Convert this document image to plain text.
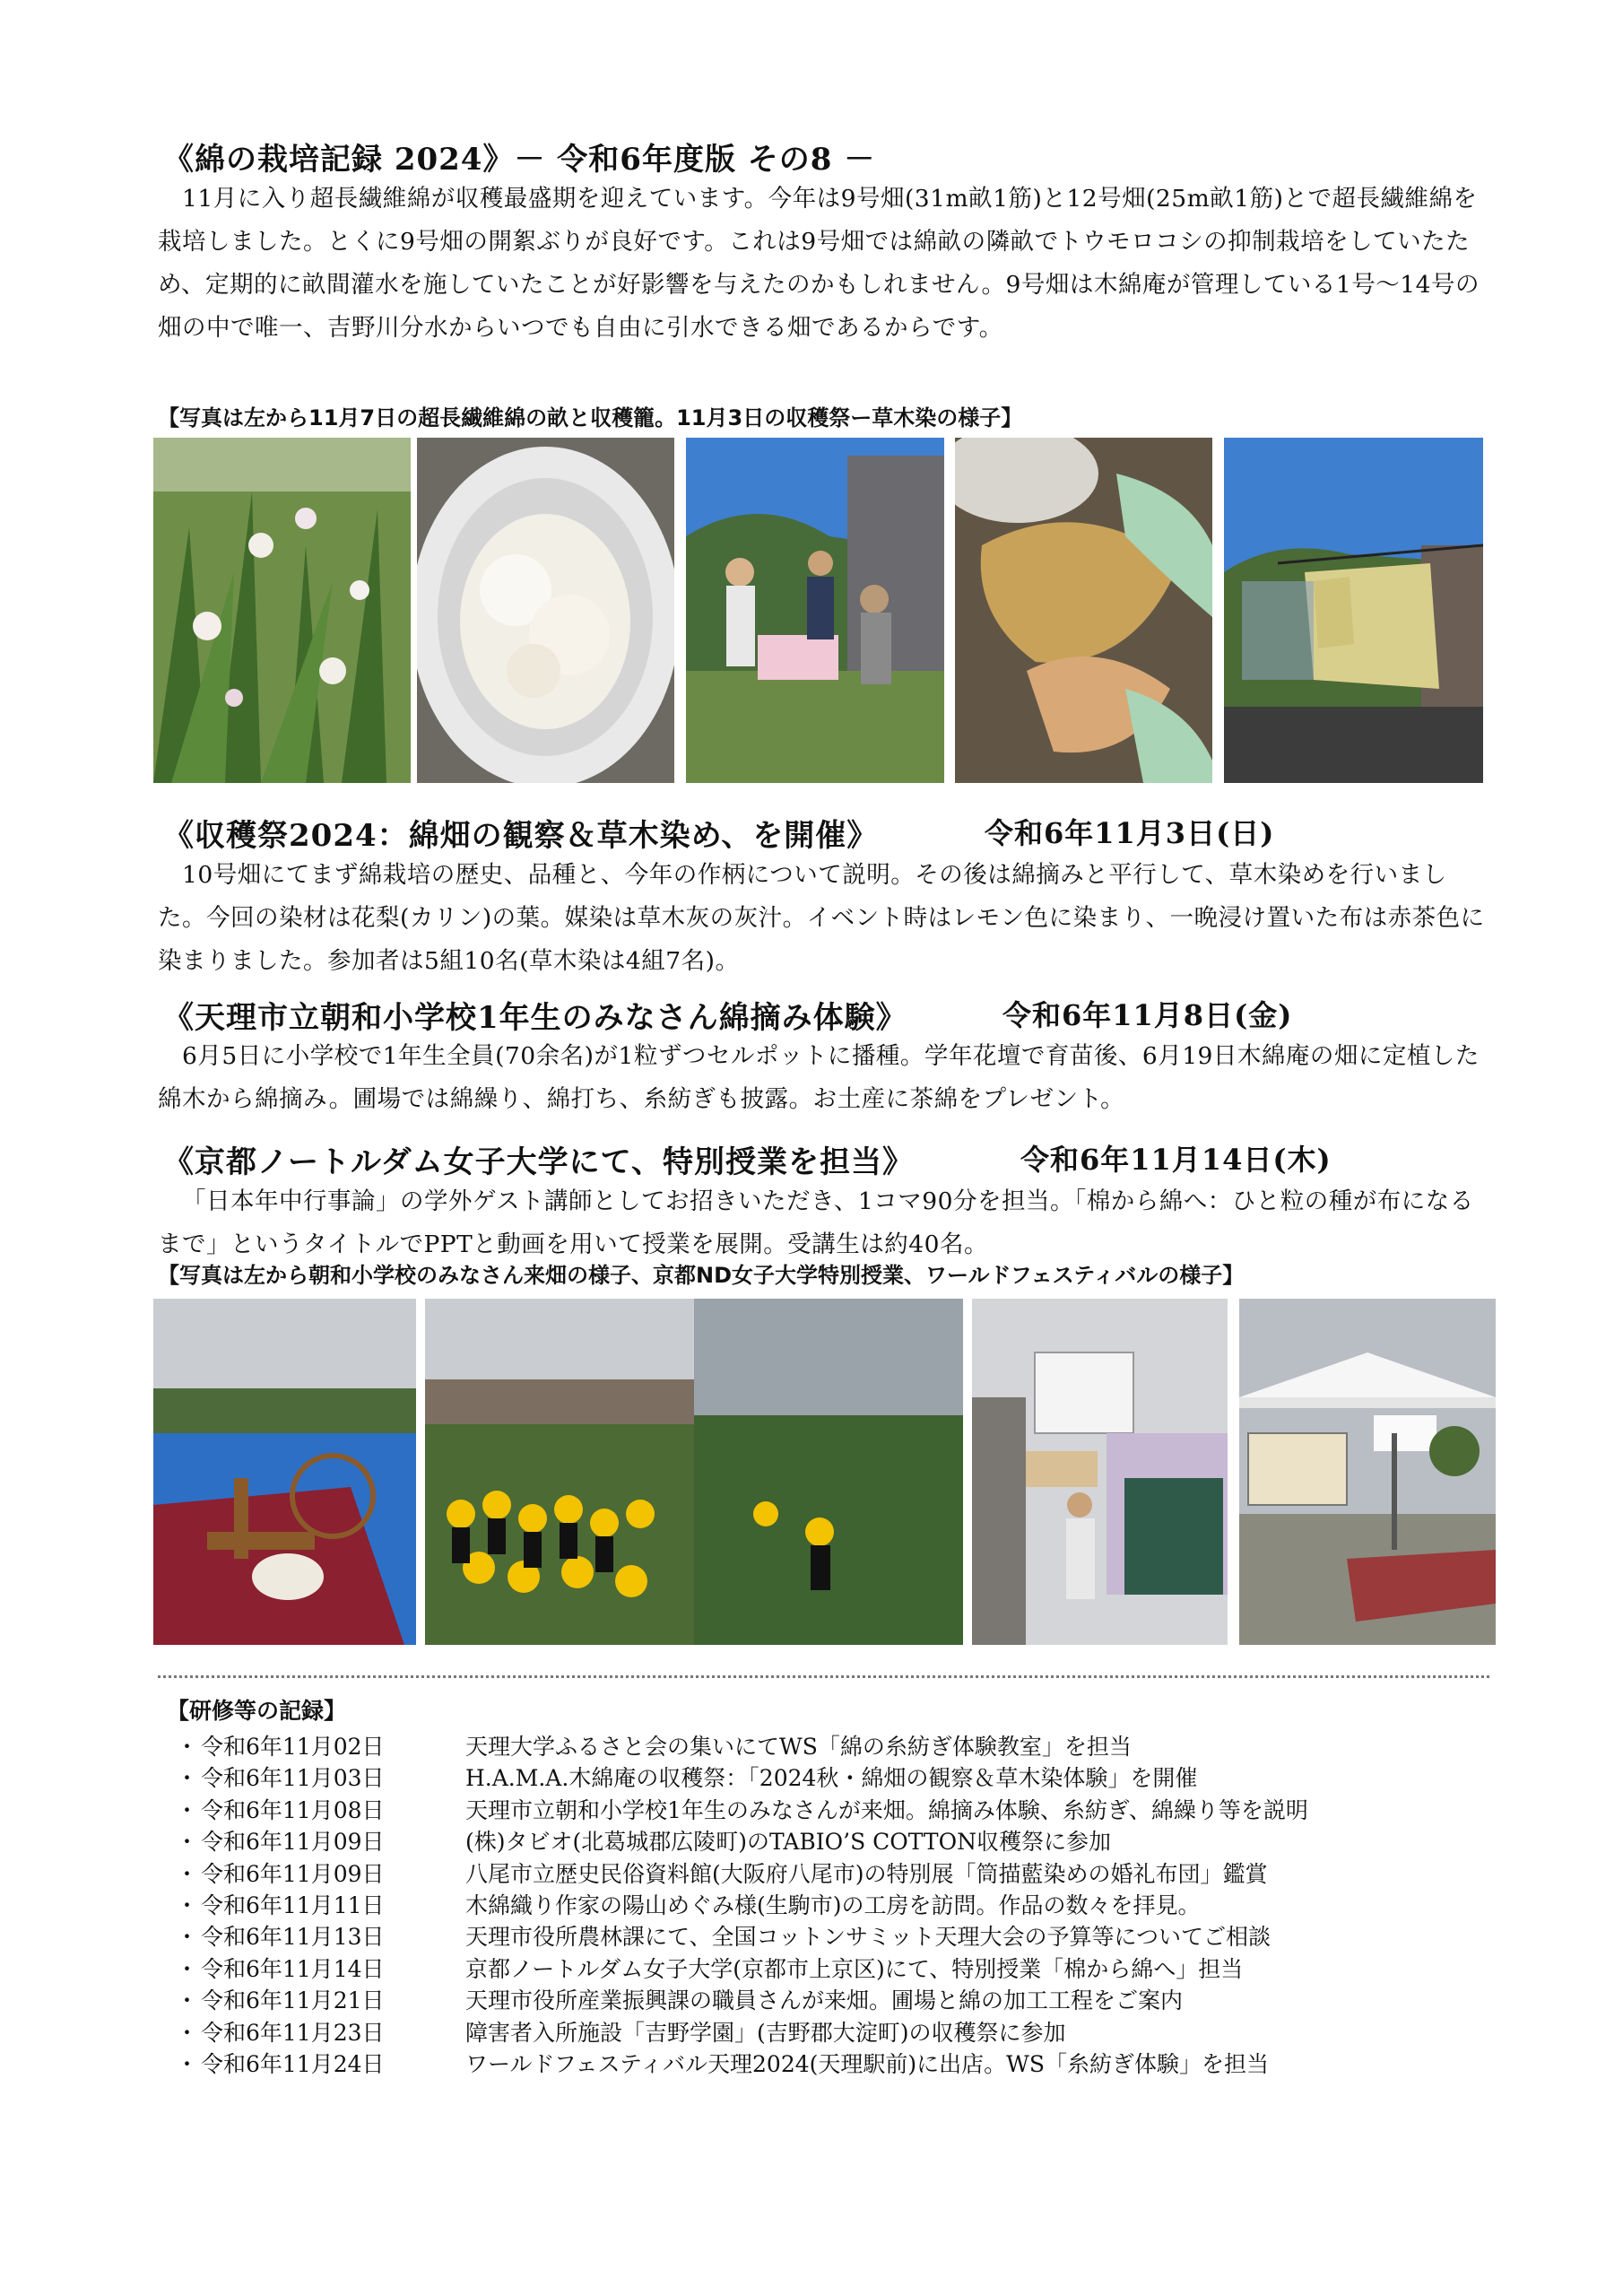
《綿の栽培記録 2024》－ 令和6年度版 その8 －
11月に入り超長繊維綿が収穫最盛期を迎えています。今年は9号畑(31m畝1筋)と12号畑(25m畝1筋)とで超長繊維綿を栽培しました。とくに9号畑の開絮ぶりが良好です。これは9号畑では綿畝の隣畝でトウモロコシの抑制栽培をしていたため、定期的に畝間灌水を施していたことが好影響を与えたのかもしれません。9号畑は木綿庵が管理している1号～14号の畑の中で唯一、吉野川分水からいつでも自由に引水できる畑であるからです。
【写真は左から11月7日の超長繊維綿の畝と収穫籠。11月3日の収穫祭ー草木染の様子】
《収穫祭2024：綿畑の観察＆草木染め、を開催》	令和6年11月3日(日)
10号畑にてまず綿栽培の歴史、品種と、今年の作柄について説明。その後は綿摘みと平行して、草木染めを行いました。今回の染材は花梨(カリン)の葉。媒染は草木灰の灰汁。イベント時はレモン色に染まり、一晩浸け置いた布は赤茶色に染まりました。参加者は5組10名(草木染は4組7名)。
《天理市立朝和小学校1年生のみなさん綿摘み体験》	令和6年11月8日(金)
6月5日に小学校で1年生全員(70余名)が1粒ずつセルポットに播種。学年花壇で育苗後、6月19日木綿庵の畑に定植した綿木から綿摘み。圃場では綿繰り、綿打ち、糸紡ぎも披露。お土産に茶綿をプレゼント。
《京都ノートルダム女子大学にて、特別授業を担当》	令和6年11月14日(木)
「日本年中行事論」の学外ゲスト講師としてお招きいただき、1コマ90分を担当。「棉から綿へ：ひと粒の種が布になるまで」というタイトルでPPTと動画を用いて授業を展開。受講生は約40名。
【写真は左から朝和小学校のみなさん来畑の様子、京都ND女子大学特別授業、ワールドフェスティバルの様子】
【研修等の記録】
・ 令和6年11月02日	天理大学ふるさと会の集いにてWS「綿の糸紡ぎ体験教室」を担当
・ 令和6年11月03日	H.A.M.A.木綿庵の収穫祭：「2024秋・綿畑の観察＆草木染体験」を開催
・ 令和6年11月08日	天理市立朝和小学校1年生のみなさんが来畑。綿摘み体験、糸紡ぎ、綿繰り等を説明
・ 令和6年11月09日	(株)タビオ(北葛城郡広陵町)のTABIO’S COTTON収穫祭に参加
・ 令和6年11月09日	八尾市立歴史民俗資料館(大阪府八尾市)の特別展「筒描藍染めの婚礼布団」鑑賞
・ 令和6年11月11日	木綿織り作家の陽山めぐみ様(生駒市)の工房を訪問。作品の数々を拝見。
・ 令和6年11月13日	天理市役所農林課にて、全国コットンサミット天理大会の予算等についてご相談
・ 令和6年11月14日	京都ノートルダム女子大学(京都市上京区)にて、特別授業「棉から綿へ」担当
・ 令和6年11月21日	天理市役所産業振興課の職員さんが来畑。圃場と綿の加工工程をご案内
・ 令和6年11月23日	障害者入所施設「吉野学園」(吉野郡大淀町)の収穫祭に参加
・ 令和6年11月24日	ワールドフェスティバル天理2024(天理駅前)に出店。WS「糸紡ぎ体験」を担当
